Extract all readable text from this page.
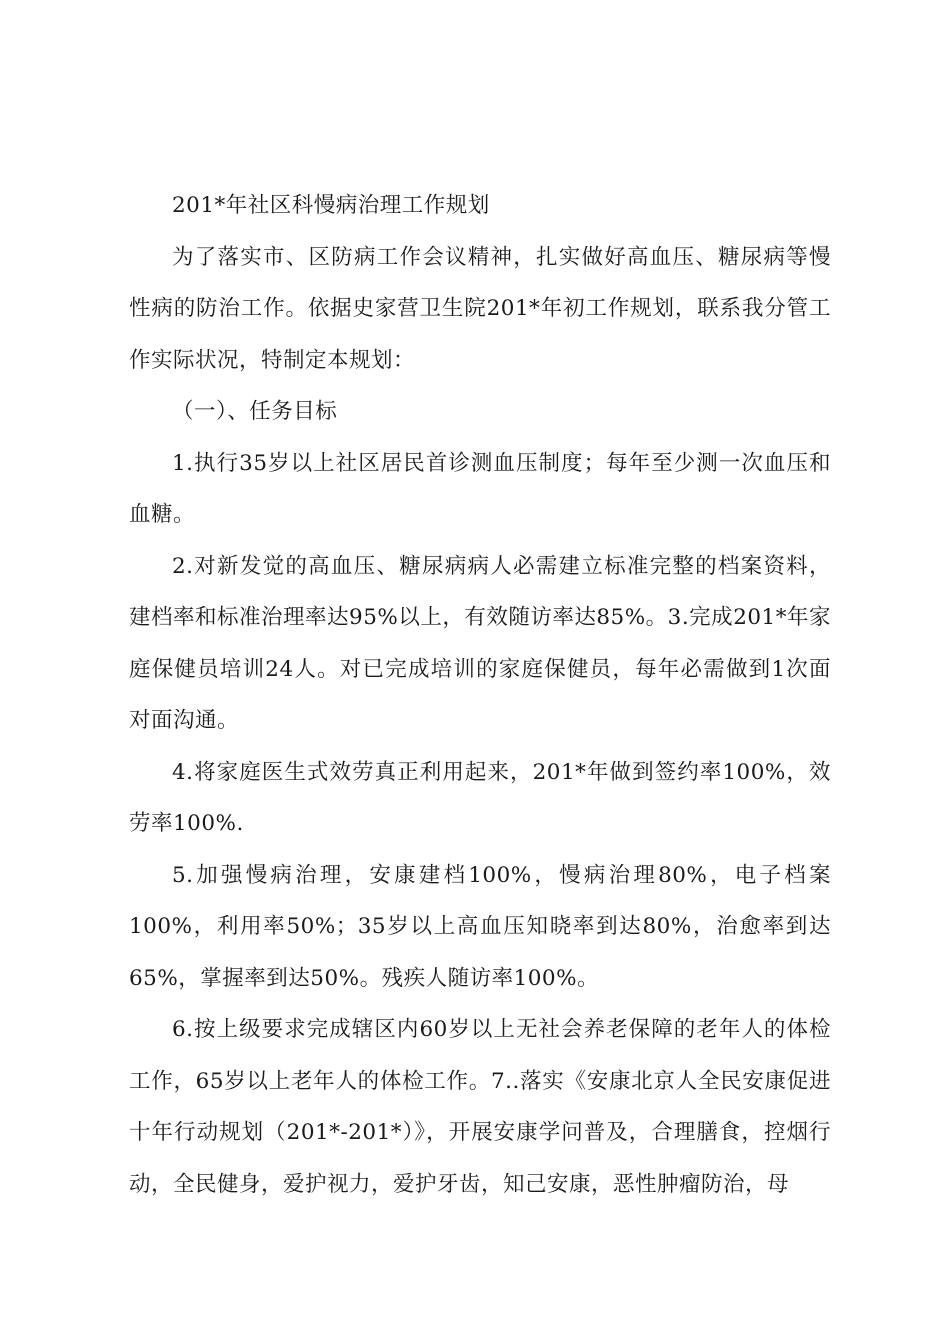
201*年社区科慢病治理工作规划

为了落实市、区防病工作会议精神，扎实做好高血压、糖尿病等慢性病的防治工作。依据史家营卫生院201*年初工作规划，联系我分管工作实际状况，特制定本规划：

（一）、任务目标

1.执行35岁以上社区居民首诊测血压制度；每年至少测一次血压和血糖。

2.对新发觉的高血压、糖尿病病人必需建立标准完整的档案资料，建档率和标准治理率达95%以上，有效随访率达85%。3.完成201*年家庭保健员培训24人。对已完成培训的家庭保健员，每年必需做到1次面对面沟通。

4.将家庭医生式效劳真正利用起来，201*年做到签约率100%，效劳率100%.

5.加强慢病治理，安康建档100%，慢病治理80%，电子档案100%，利用率50%；35岁以上高血压知晓率到达80%，治愈率到达65%，掌握率到达50%。残疾人随访率100%。

6.按上级要求完成辖区内60岁以上无社会养老保障的老年人的体检工作，65岁以上老年人的体检工作。7..落实《安康北京人全民安康促进十年行动规划（201*-201*）》，开展安康学问普及，合理膳食，控烟行动，全民健身，爱护视力，爱护牙齿，知己安康，恶性肿瘤防治，母
